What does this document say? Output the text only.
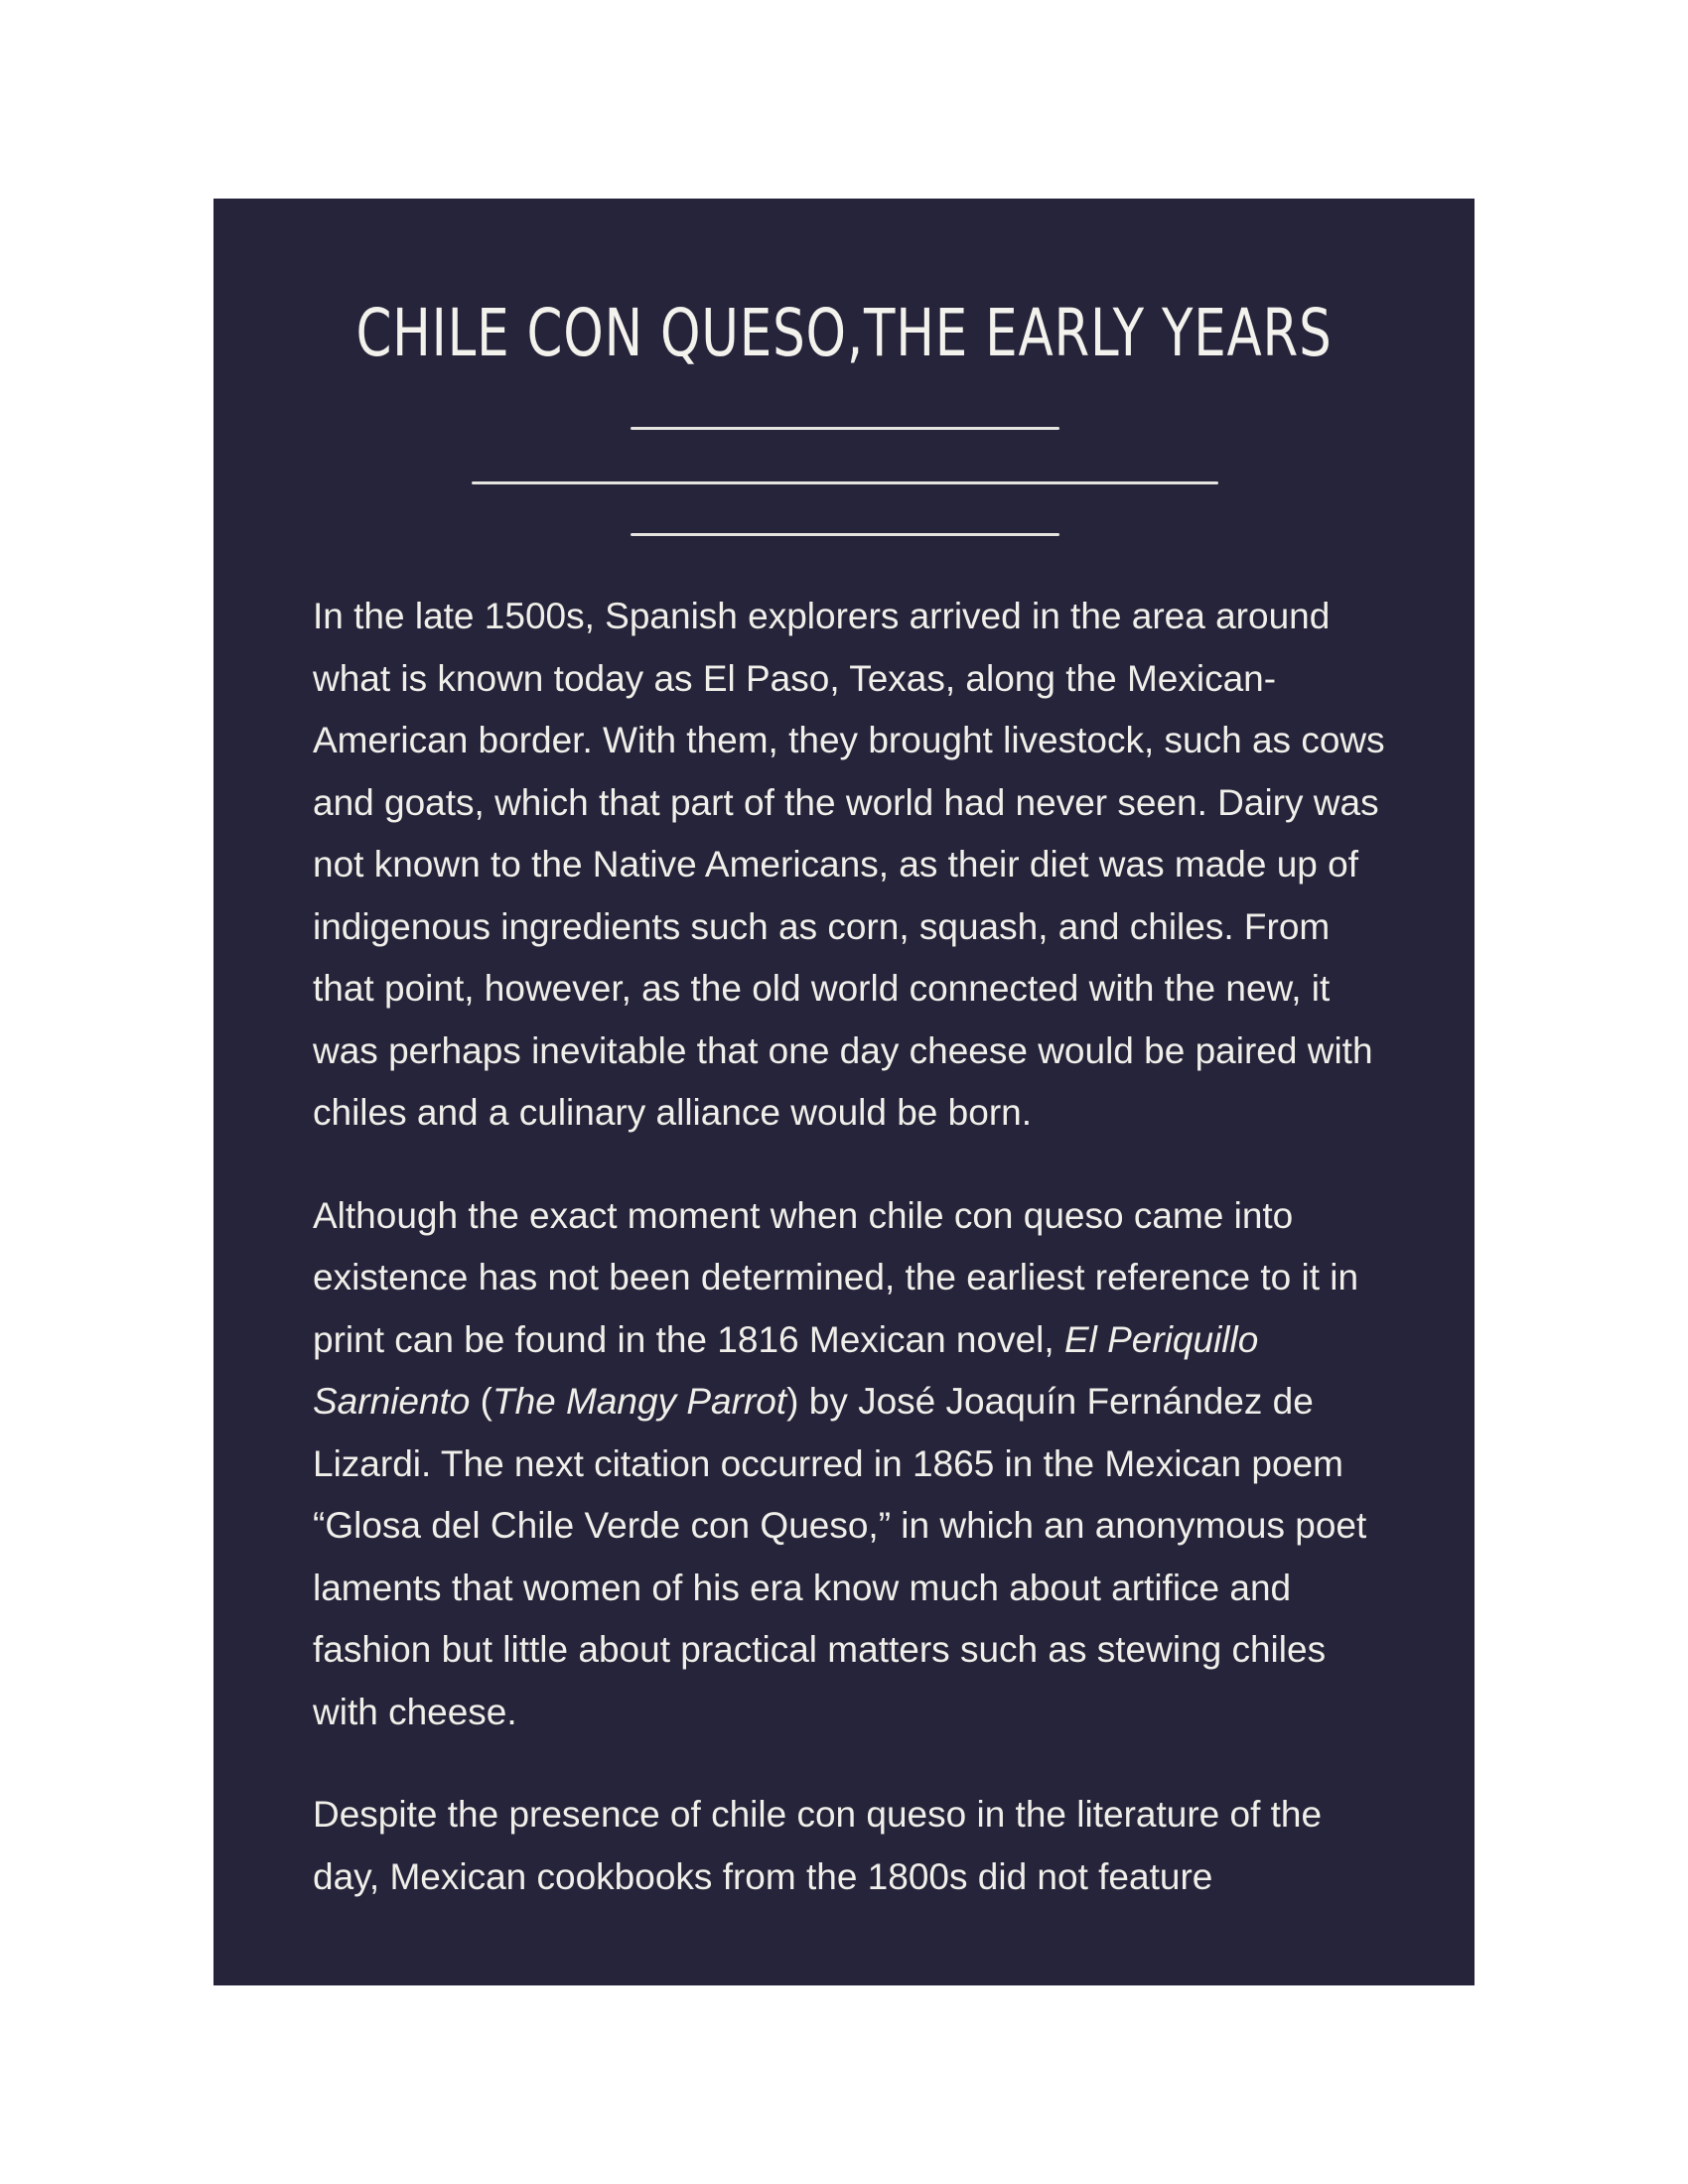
CHILE CON QUESO,THE EARLY YEARS

In the late 1500s, Spanish explorers arrived in the area around what is known today as El Paso, Texas, along the Mexican-American border. With them, they brought livestock, such as cows and goats, which that part of the world had never seen. Dairy was not known to the Native Americans, as their diet was made up of indigenous ingredients such as corn, squash, and chiles. From that point, however, as the old world connected with the new, it was perhaps inevitable that one day cheese would be paired with chiles and a culinary alliance would be born.

Although the exact moment when chile con queso came into existence has not been determined, the earliest reference to it in print can be found in the 1816 Mexican novel, El Periquillo Sarniento (The Mangy Parrot) by José Joaquín Fernández de Lizardi. The next citation occurred in 1865 in the Mexican poem “Glosa del Chile Verde con Queso,” in which an anonymous poet laments that women of his era know much about artifice and fashion but little about practical matters such as stewing chiles with cheese.

Despite the presence of chile con queso in the literature of the day, Mexican cookbooks from the 1800s did not feature
